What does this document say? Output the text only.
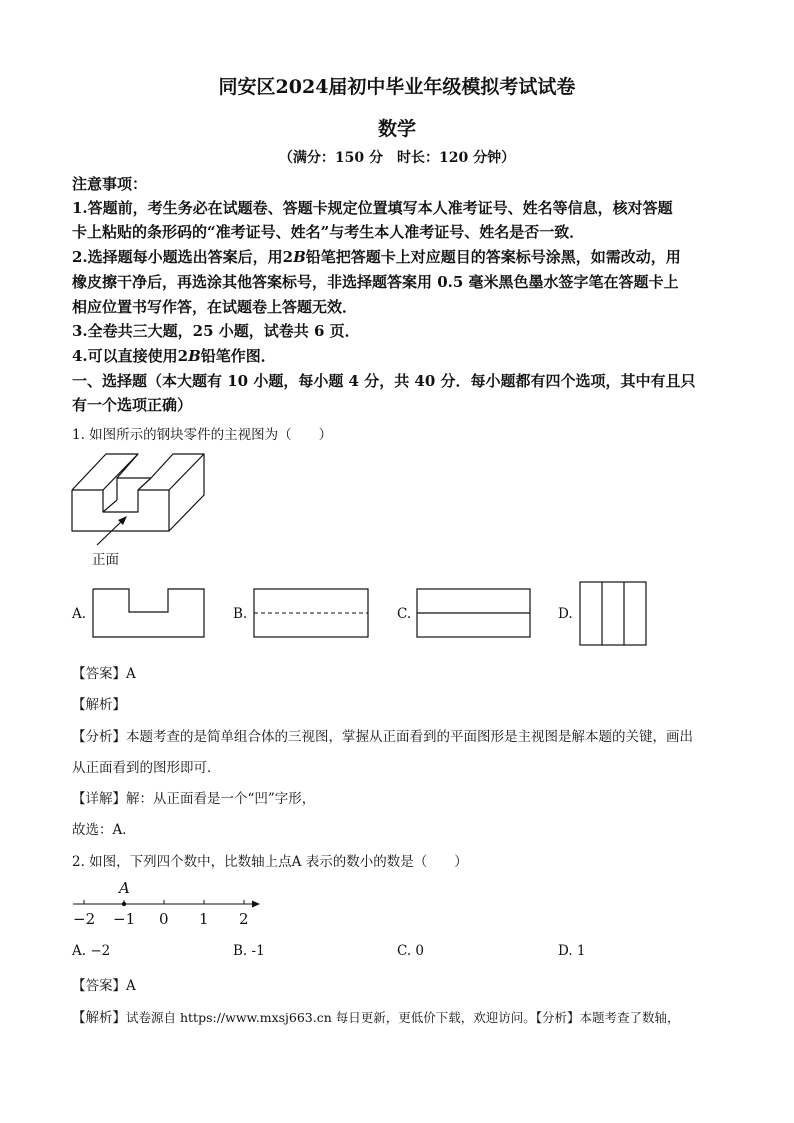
同安区2024届初中毕业年级模拟考试试卷
数学
（满分：150 分　时长：120 分钟）
注意事项：
1.答题前，考生务必在试题卷、答题卡规定位置填写本人准考证号、姓名等信息，核对答题
卡上粘贴的条形码的“准考证号、姓名”与考生本人准考证号、姓名是否一致．
2.选择题每小题选出答案后，用2B铅笔把答题卡上对应题目的答案标号涂黑，如需改动，用
橡皮擦干净后，再选涂其他答案标号，非选择题答案用 0.5 毫米黑色墨水签字笔在答题卡上
相应位置书写作答，在试题卷上答题无效．
3.全卷共三大题，25 小题，试卷共 6 页．
4.可以直接使用2B铅笔作图．
一、选择题（本大题有 10 小题，每小题 4 分，共 40 分．每小题都有四个选项，其中有且只
有一个选项正确）
1. 如图所示的钢块零件的主视图为（　　）
正面
A.	B.	C.	D.
【答案】A
【解析】
【分析】本题考查的是简单组合体的三视图，掌握从正面看到的平面图形是主视图是解本题的关键，画出
从正面看到的图形即可．
【详解】解：从正面看是一个“凹”字形，
故选：A．
2. 如图，下列四个数中，比数轴上点A 表示的数小的数是（　　）
A
−2 −1 0 1 2
A. −2	B. -1	C. 0	D. 1
【答案】A
【解析】试卷源自 https://www.mxsj663.cn 每日更新，更低价下载，欢迎访问。【分析】本题考查了数轴，
